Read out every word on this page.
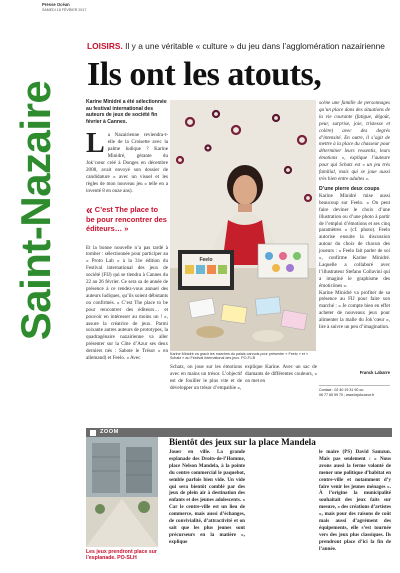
Presse Océan
SAMEDI 18 FÉVRIER 2017
Saint-Nazaire
LOISIRS. Il y a une véritable « culture » du jeu dans l’agglomération nazairienne
Ils ont les atouts,

Karine Minidré a été sélectionnée au festival international des auteurs de jeux de société fin février à Cannes.

La Nazairienne reviendra-t-elle de la Croisette avec la palme ludique ? Karine Minidré, gérante du Jok’cœur créé à Donges en décembre 2008, avait envoyé son dossier de candidature « avec un visuel et les règles de mon nouveau jeu » telle en a inventé 8 en onze ans).
« C’est The place to be pour rencontrer des éditeurs… »
Et la bonne nouvelle n’a pas tardé à tomber : sélectionnée pour participer au « Proto Lab » à la 31e édition du Festival international des jeux de société (FIJ) qui se tiendra à Cannes du 22 au 26 février. Ce sera sa 4e année de présence à ce rendez-vous annuel des auteurs ludiques, qu’ils soient débutants ou confirmés. « C’est The place to be pour rencontrer des éditeurs… et pouvoir en intéresser au moins un ! », assure la créatrice de jeux. Parmi soixante autres auteurs de prototypes, la quadragénaire nazairienne va aller présenter sur la Côte d’Azur ses deux derniers nés : Sabote le Trésor » en allemand) et Feelo. « Avec
Feelo
Karine Minidré va gravir les marches du palais cannois pour présenter « Feelo » et « Schatz » au Festival international des jeux. PO-F.LB
scène une famille de personnages qu’un place dans des situations de la vie courante (fatigue, dégoût, peur, surprise, joie, tristesse et colère) avec des degrés d’intensité. En outre, il s’agit de mettre à la place du chasseur pour déterminer leurs ressentis, leurs émotions », explique l’auteure pour qui Schatz est « un jeu très familial, mais qui se joue aussi très bien entre adultes ».
D’une pierre deux coups
Karine Minidré mise aussi beaucoup sur Feelo. « On peut faire deviner le choix d’une illustration ou d’une photo à partir de l’emploi d’émotions et ses cinq paramètres » (cf. photo). Feelo autorise ensuite la discussion autour du choix de chacun des joueurs : « Feelo fait parler de soi », confirme Karine Minidré. Laquelle a collaboré avec l’illustrateur Stefano Collavini qui a imaginé le graphisme des émoticônes ».
Karine Minidré va profiter de sa présence au FIJ pour faire son marché : « Je compte bien en effet acheter de nouveaux jeux pour alimenter la malle du Jok’cœur », lire à suivre un peu d’imagination.
Schatz, on joue sur les émotions avec en mains un trésor. L’objectif est de fouiller le plus vite et de développer un trésor d’empathie »,
explique Karine. Avec un sac de diamants de différentes couleurs, « on met en
Franck Labarre
Contact : 02 40 19 31 90 ou
06 77 65 99 70 ; www.lejokcoeur.fr
ZOOM
Les jeux prendront place sur l’esplanade. PO-SLH
Bientôt des jeux sur la place Mandela
Jouer en ville. La grande esplanade des Droits-de-l’Homme, place Nelson Mandela, à la pointe du centre commercial le paquebot, semble parfois bien vide. Un vide qui sera bientôt comblé par des jeux de plein air à destination des enfants et des jeunes adolescents. « Car le centre-ville est un lieu de commerce, mais aussi d’échanges, de convivialité, d’attractivité et on sait que les plus jeunes sont précurseurs en la matière », explique
le maire (PS) David Samzun. Mais pas seulement : « Nous avons aussi la ferme volonté de mener une politique d’habitat en centre-ville et notamment d’y faire venir les jeunes ménages ». À l’origine la municipalité souhaitait des jeux faits sur mesure, « des créations d’artistes », mais pour des raisons de coût mais aussi d’agrément des équipements, elle s’est tournée vers des jeux plus classiques. Ils prendront place d’ici la fin de l’année.
